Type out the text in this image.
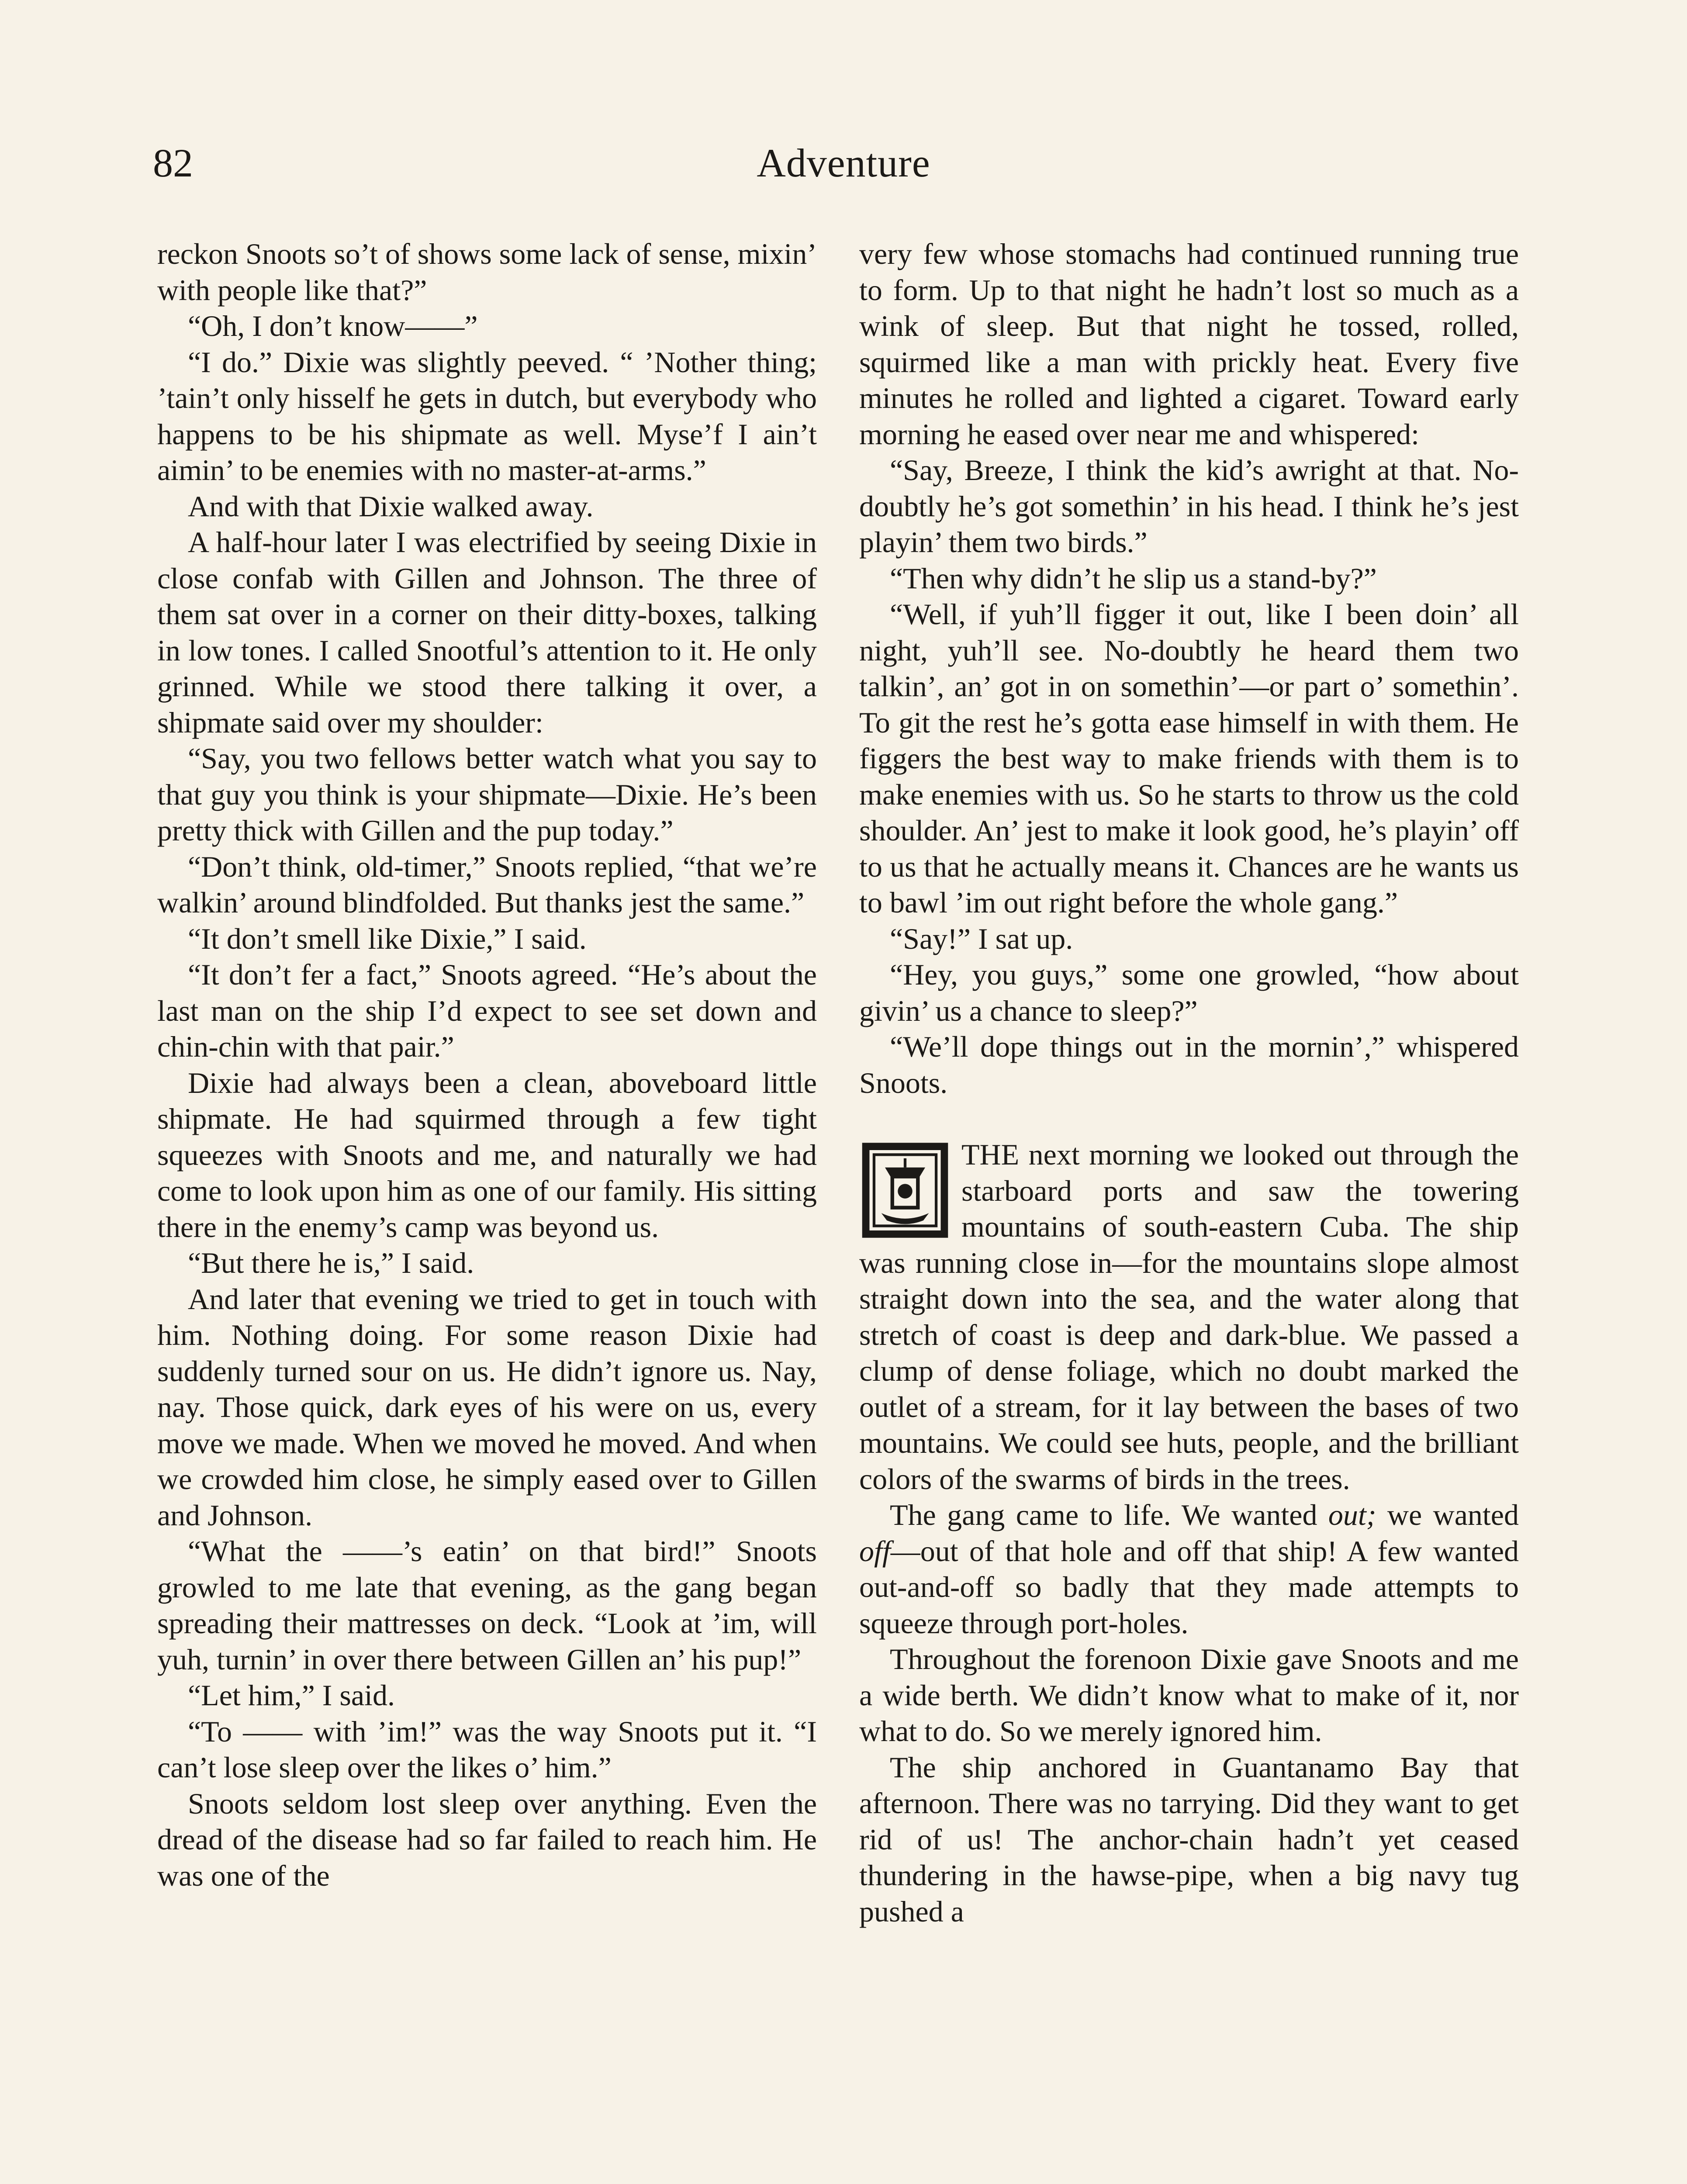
82	Adventure

reckon Snoots so’t of shows some lack of sense, mixin’ with people like that?”

“Oh, I don’t know——”

“I do.” Dixie was slightly peeved. “ ’Nother thing; ’tain’t only hisself he gets in dutch, but everybody who happens to be his shipmate as well. Myse’f I ain’t aimin’ to be enemies with no master-at-arms.”

And with that Dixie walked away.

A half-hour later I was electrified by seeing Dixie in close confab with Gillen and Johnson. The three of them sat over in a corner on their ditty-boxes, talking in low tones. I called Snootful’s attention to it. He only grinned. While we stood there talking it over, a shipmate said over my shoulder:

“Say, you two fellows better watch what you say to that guy you think is your shipmate—Dixie. He’s been pretty thick with Gillen and the pup today.”

“Don’t think, old-timer,” Snoots replied, “that we’re walkin’ around blindfolded. But thanks jest the same.”

“It don’t smell like Dixie,” I said.

“It don’t fer a fact,” Snoots agreed. “He’s about the last man on the ship I’d expect to see set down and chin-chin with that pair.”

Dixie had always been a clean, aboveboard little shipmate. He had squirmed through a few tight squeezes with Snoots and me, and naturally we had come to look upon him as one of our family. His sitting there in the enemy’s camp was beyond us.

“But there he is,” I said.

And later that evening we tried to get in touch with him. Nothing doing. For some reason Dixie had suddenly turned sour on us. He didn’t ignore us. Nay, nay. Those quick, dark eyes of his were on us, every move we made. When we moved he moved. And when we crowded him close, he simply eased over to Gillen and Johnson.

“What the ——’s eatin’ on that bird!” Snoots growled to me late that evening, as the gang began spreading their mattresses on deck. “Look at ’im, will yuh, turnin’ in over there between Gillen an’ his pup!”

“Let him,” I said.

“To —— with ’im!” was the way Snoots put it. “I can’t lose sleep over the likes o’ him.”

Snoots seldom lost sleep over anything. Even the dread of the disease had so far failed to reach him. He was one of the

very few whose stomachs had continued running true to form. Up to that night he hadn’t lost so much as a wink of sleep. But that night he tossed, rolled, squirmed like a man with prickly heat. Every five minutes he rolled and lighted a cigaret. Toward early morning he eased over near me and whispered:

“Say, Breeze, I think the kid’s awright at that. No-doubtly he’s got somethin’ in his head. I think he’s jest playin’ them two birds.”

“Then why didn’t he slip us a stand-by?”

“Well, if yuh’ll figger it out, like I been doin’ all night, yuh’ll see. No-doubtly he heard them two talkin’, an’ got in on somethin’—or part o’ somethin’. To git the rest he’s gotta ease himself in with them. He figgers the best way to make friends with them is to make enemies with us. So he starts to throw us the cold shoulder. An’ jest to make it look good, he’s playin’ off to us that he actually means it. Chances are he wants us to bawl ’im out right before the whole gang.”

“Say!” I sat up.

“Hey, you guys,” some one growled, “how about givin’ us a chance to sleep?”

“We’ll dope things out in the mornin’,” whispered Snoots.

THE next morning we looked out through the starboard ports and saw the towering mountains of south-eastern Cuba. The ship was running close in—for the mountains slope almost straight down into the sea, and the water along that stretch of coast is deep and dark-blue. We passed a clump of dense foliage, which no doubt marked the outlet of a stream, for it lay between the bases of two mountains. We could see huts, people, and the brilliant colors of the swarms of birds in the trees.

The gang came to life. We wanted out; we wanted off—out of that hole and off that ship! A few wanted out-and-off so badly that they made attempts to squeeze through port-holes.

Throughout the forenoon Dixie gave Snoots and me a wide berth. We didn’t know what to make of it, nor what to do. So we merely ignored him.

The ship anchored in Guantanamo Bay that afternoon. There was no tarrying. Did they want to get rid of us! The anchor-chain hadn’t yet ceased thundering in the hawse-pipe, when a big navy tug pushed a
